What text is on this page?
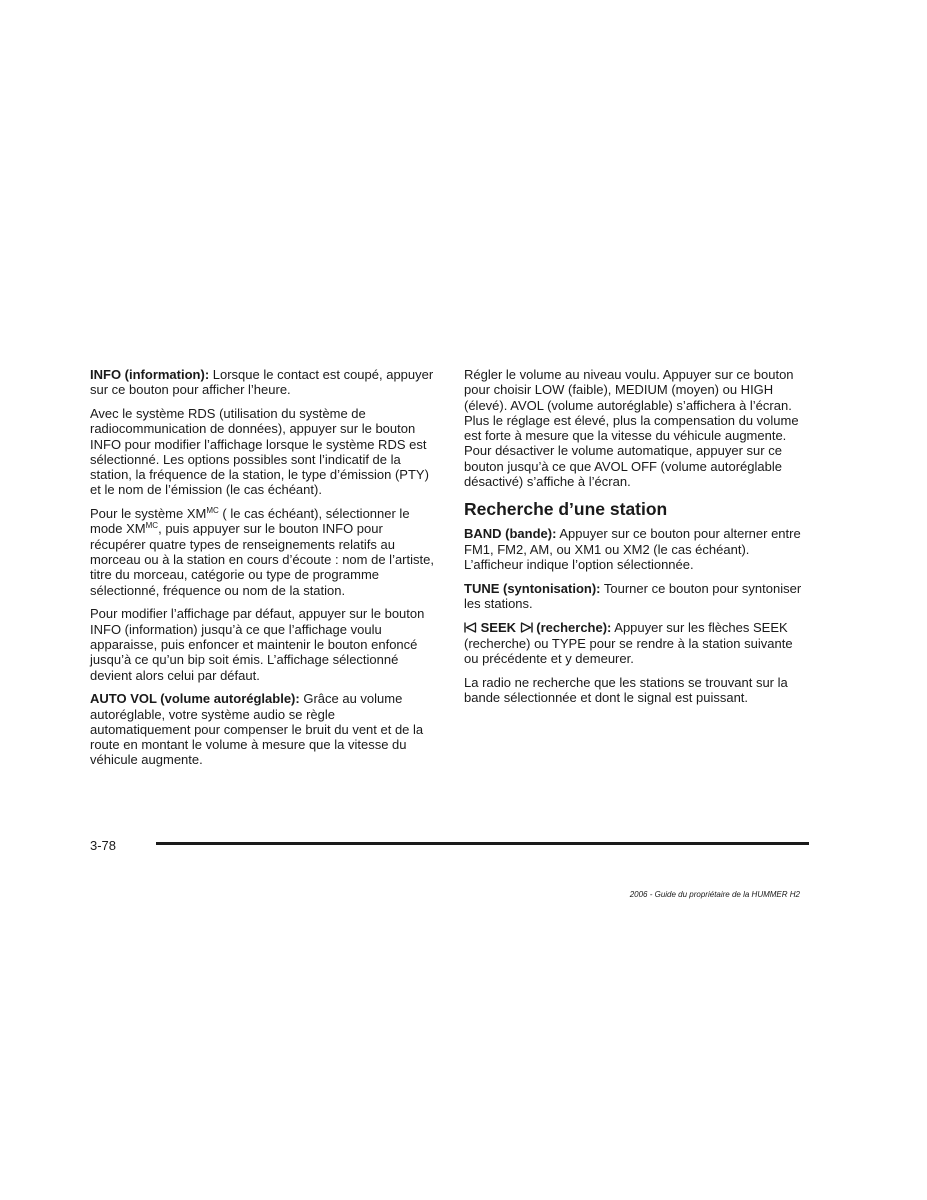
INFO (information): Lorsque le contact est coupé, appuyer sur ce bouton pour afficher l’heure.

Avec le système RDS (utilisation du système de radiocommunication de données), appuyer sur le bouton INFO pour modifier l’affichage lorsque le système RDS est sélectionné. Les options possibles sont l’indicatif de la station, la fréquence de la station, le type d’émission (PTY) et le nom de l’émission (le cas échéant).

Pour le système $XM^{MC}$ ( le cas échéant), sélectionner le mode $XM^{MC}$, puis appuyer sur le bouton INFO pour récupérer quatre types de renseignements relatifs au morceau ou à la station en cours d’écoute : nom de l’artiste, titre du morceau, catégorie ou type de programme sélectionné, fréquence ou nom de la station.

Pour modifier l’affichage par défaut, appuyer sur le bouton INFO (information) jusqu’à ce que l’affichage voulu apparaisse, puis enfoncer et maintenir le bouton enfoncé jusqu’à ce qu’un bip soit émis. L’affichage sélectionné devient alors celui par défaut.

AUTO VOL (volume autoréglable): Grâce au volume autoréglable, votre système audio se règle automatiquement pour compenser le bruit du vent et de la route en montant le volume à mesure que la vitesse du véhicule augmente.

Régler le volume au niveau voulu. Appuyer sur ce bouton pour choisir LOW (faible), MEDIUM (moyen) ou HIGH (élevé). AVOL (volume autoréglable) s’affichera à l’écran. Plus le réglage est élevé, plus la compensation du volume est forte à mesure que la vitesse du véhicule augmente. Pour désactiver le volume automatique, appuyer sur ce bouton jusqu’à ce que AVOL OFF (volume autoréglable désactivé) s’affiche à l’écran.

Recherche d’une station

BAND (bande): Appuyer sur ce bouton pour alterner entre FM1, FM2, AM, ou XM1 ou XM2 (le cas échéant). L’afficheur indique l’option sélectionnée.

TUNE (syntonisation): Tourner ce bouton pour syntoniser les stations.

SEEK  (recherche): Appuyer sur les flèches SEEK (recherche) ou TYPE pour se rendre à la station suivante ou précédente et y demeurer.

La radio ne recherche que les stations se trouvant sur la bande sélectionnée et dont le signal est puissant.

3-78
2006 - Guide du propriétaire de la HUMMER H2
